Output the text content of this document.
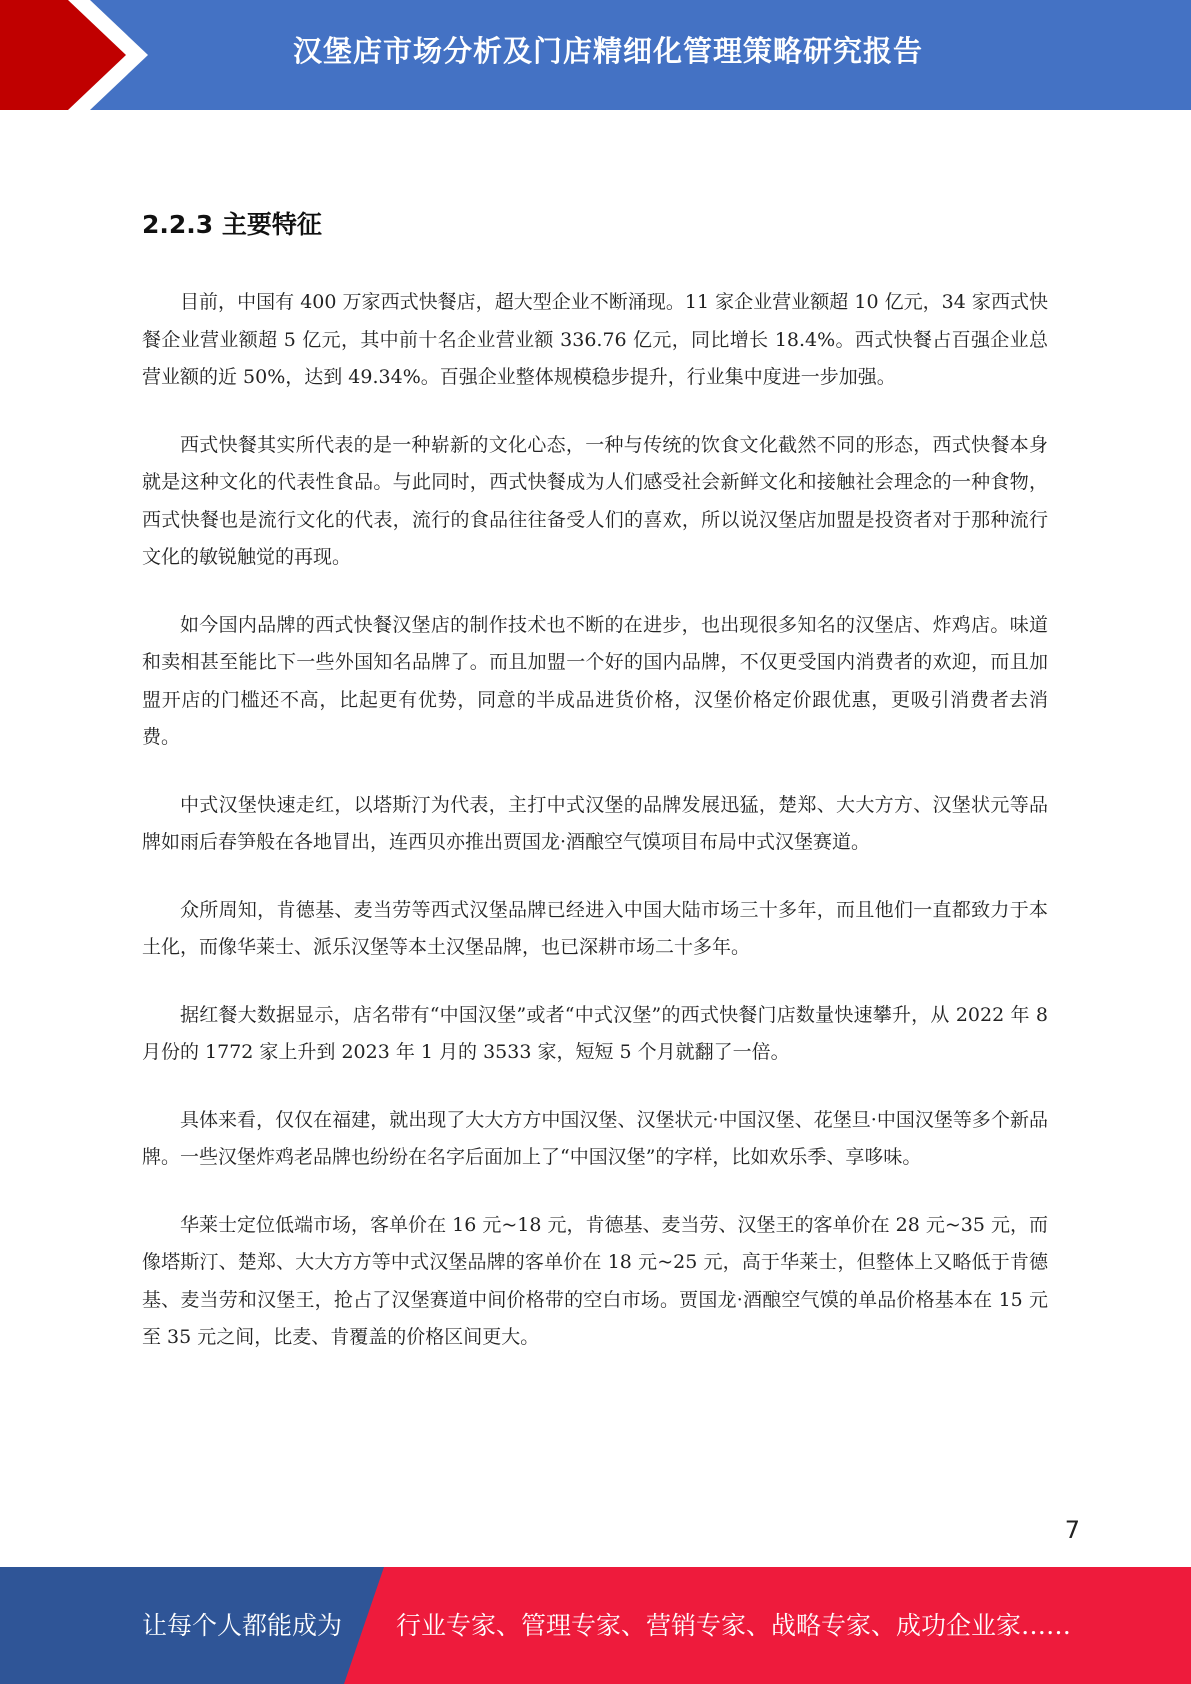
汉堡店市场分析及门店精细化管理策略研究报告
2.2.3 主要特征

目前，中国有 400 万家西式快餐店，超大型企业不断涌现。11 家企业营业额超 10 亿元，34 家西式快餐企业营业额超 5 亿元，其中前十名企业营业额 336.76 亿元，同比增长 18.4%。西式快餐占百强企业总营业额的近 50%，达到 49.34%。百强企业整体规模稳步提升，行业集中度进一步加强。

西式快餐其实所代表的是一种崭新的文化心态，一种与传统的饮食文化截然不同的形态，西式快餐本身就是这种文化的代表性食品。与此同时，西式快餐成为人们感受社会新鲜文化和接触社会理念的一种食物，西式快餐也是流行文化的代表，流行的食品往往备受人们的喜欢，所以说汉堡店加盟是投资者对于那种流行文化的敏锐触觉的再现。

如今国内品牌的西式快餐汉堡店的制作技术也不断的在进步，也出现很多知名的汉堡店、炸鸡店。味道和卖相甚至能比下一些外国知名品牌了。而且加盟一个好的国内品牌，不仅更受国内消费者的欢迎，而且加盟开店的门槛还不高，比起更有优势，同意的半成品进货价格，汉堡价格定价跟优惠，更吸引消费者去消费。

中式汉堡快速走红，以塔斯汀为代表，主打中式汉堡的品牌发展迅猛，楚郑、大大方方、汉堡状元等品牌如雨后春笋般在各地冒出，连西贝亦推出贾国龙·酒酿空气馍项目布局中式汉堡赛道。

众所周知，肯德基、麦当劳等西式汉堡品牌已经进入中国大陆市场三十多年，而且他们一直都致力于本土化，而像华莱士、派乐汉堡等本土汉堡品牌，也已深耕市场二十多年。

据红餐大数据显示，店名带有“中国汉堡”或者“中式汉堡”的西式快餐门店数量快速攀升，从 2022 年 8 月份的 1772 家上升到 2023 年 1 月的 3533 家，短短 5 个月就翻了一倍。

具体来看，仅仅在福建，就出现了大大方方中国汉堡、汉堡状元·中国汉堡、花堡旦·中国汉堡等多个新品牌。一些汉堡炸鸡老品牌也纷纷在名字后面加上了“中国汉堡”的字样，比如欢乐季、享哆味。

华莱士定位低端市场，客单价在 16 元~18 元，肯德基、麦当劳、汉堡王的客单价在 28 元~35 元，而像塔斯汀、楚郑、大大方方等中式汉堡品牌的客单价在 18 元~25 元，高于华莱士，但整体上又略低于肯德基、麦当劳和汉堡王，抢占了汉堡赛道中间价格带的空白市场。贾国龙·酒酿空气馍的单品价格基本在 15 元至 35 元之间，比麦、肯覆盖的价格区间更大。

7
让每个人都能成为 行业专家、管理专家、营销专家、战略专家、成功企业家……
